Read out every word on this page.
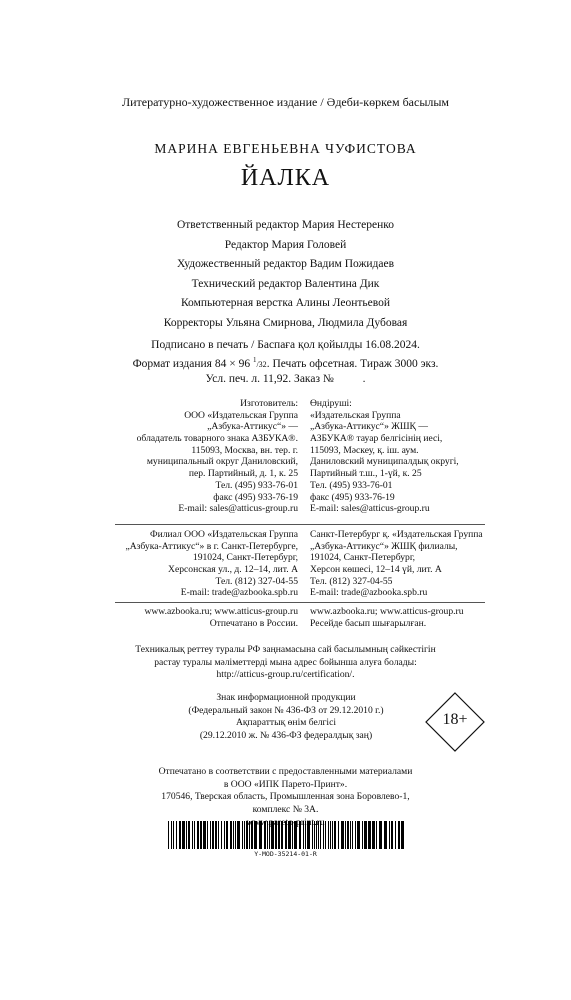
Литературно-художественное издание / Әдеби-көркем басылым
МАРИНА ЕВГЕНЬЕВНА ЧУФИСТОВА
ЙАЛКА
Ответственный редактор Мария Нестеренко
Редактор Мария Головей
Художественный редактор Вадим Пожидаев
Технический редактор Валентина Дик
Компьютерная верстка Алины Леонтьевой
Корректоры Ульяна Смирнова, Людмила Дубовая
Подписано в печать / Баспаға қол қойылды 16.08.2024.
Формат издания 84 × 96 $^1$/32. Печать офсетная. Тираж 3000 экз.
Усл. печ. л. 11,92. Заказ №          .
Изготовитель:
ООО «Издательская Группа
„Азбука-Аттикус“» —
обладатель товарного знака АЗБУКА®.
115093, Москва, вн. тер. г.
муниципальный округ Даниловский,
пер. Партийный, д. 1, к. 25
Тел. (495) 933-76-01
факс (495) 933-76-19
E-mail: sales@atticus-group.ru
Өндіруші:
«Издательская Группа
„Азбука-Аттикус“» ЖШҚ —
АЗБУКА® тауар белгісінің иесі,
115093, Мәскеу, қ. іш. аум.
Даниловский муниципалдық округі,
Партийный т.ш., 1-үй, к. 25
Тел. (495) 933-76-01
факс (495) 933-76-19
E-mail: sales@atticus-group.ru
Филиал ООО «Издательская Группа
„Азбука-Аттикус“» в г. Санкт-Петербурге,
191024, Санкт-Петербург,
Херсонская ул., д. 12–14, лит. А
Тел. (812) 327-04-55
E-mail: trade@azbooka.spb.ru
Санкт-Петербург қ. «Издательская Группа
„Азбука-Аттикус“» ЖШҚ филиалы,
191024, Санкт-Петербург,
Херсон көшесі, 12–14 үй, лит. А
Тел. (812) 327-04-55
E-mail: trade@azbooka.spb.ru
www.azbooka.ru; www.atticus-group.ru
Отпечатано в России.
www.azbooka.ru; www.atticus-group.ru
Ресейде басып шығарылған.
Техникалық реттеу туралы РФ заңнамасына сай басылымның сәйкестігін
растау туралы мәліметтерді мына адрес бойынша алуға болады:
http://atticus-group.ru/certification/.
Знак информационной продукции
(Федеральный закон № 436-ФЗ от 29.12.2010 г.)
Ақпараттық өнім белгісі
(29.12.2010 ж. № 436-ФЗ федералдық заң)
18+
Отпечатано в соответствии с предоставленными материалами
в ООО «ИПК Парето-Принт».
170546, Тверская область, Промышленная зона Боровлево-1,
комплекс № 3А.
Y-MOD-35214-01-R
